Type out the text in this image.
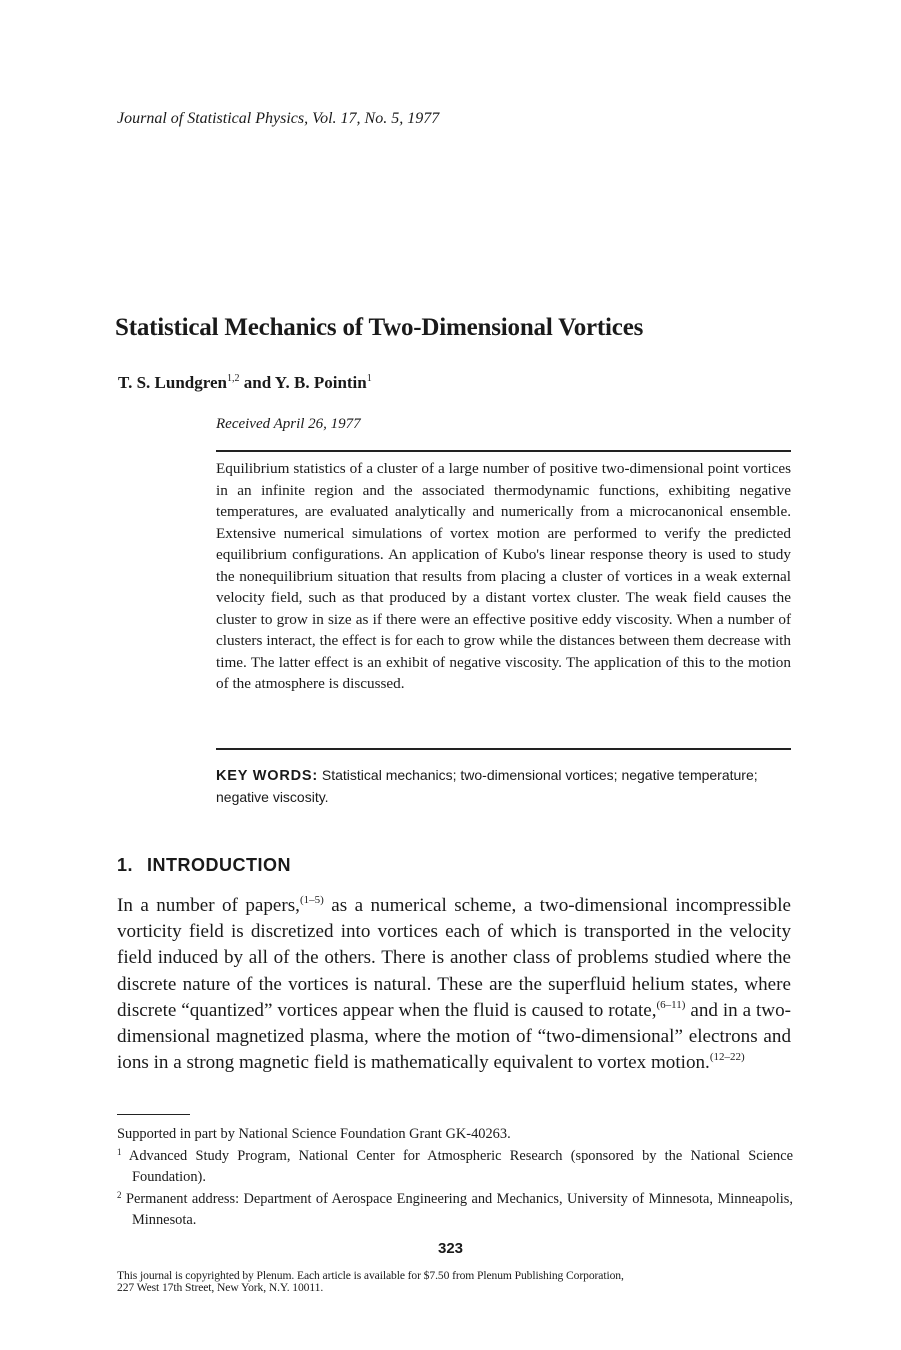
Journal of Statistical Physics, Vol. 17, No. 5, 1977
Statistical Mechanics of Two-Dimensional Vortices
T. S. Lundgren$^{1,2}$ and Y. B. Pointin$^1$
Received April 26, 1977
Equilibrium statistics of a cluster of a large number of positive two-dimensional point vortices in an infinite region and the associated thermodynamic functions, exhibiting negative temperatures, are evaluated analytically and numerically from a microcanonical ensemble. Extensive numerical simulations of vortex motion are performed to verify the predicted equilibrium configurations. An application of Kubo's linear response theory is used to study the nonequilibrium situation that results from placing a cluster of vortices in a weak external velocity field, such as that produced by a distant vortex cluster. The weak field causes the cluster to grow in size as if there were an effective positive eddy viscosity. When a number of clusters interact, the effect is for each to grow while the distances between them decrease with time. The latter effect is an exhibit of negative viscosity. The application of this to the motion of the atmosphere is discussed.
KEY WORDS: Statistical mechanics; two-dimensional vortices; negative temperature; negative viscosity.
1. INTRODUCTION
In a number of papers,$^{(1-5)}$ as a numerical scheme, a two-dimensional incompressible vorticity field is discretized into vortices each of which is transported in the velocity field induced by all of the others. There is another class of problems studied where the discrete nature of the vortices is natural. These are the superfluid helium states, where discrete “quantized” vortices appear when the fluid is caused to rotate,$^{(6-11)}$ and in a two-dimensional magnetized plasma, where the motion of “two-dimensional” electrons and ions in a strong magnetic field is mathematically equivalent to vortex motion.$^{(12-22)}$
Supported in part by National Science Foundation Grant GK-40263.
$^1$ Advanced Study Program, National Center for Atmospheric Research (sponsored by the National Science Foundation).
$^2$ Permanent address: Department of Aerospace Engineering and Mechanics, University of Minnesota, Minneapolis, Minnesota.
323
This journal is copyrighted by Plenum. Each article is available for $7.50 from Plenum Publishing Corporation,
227 West 17th Street, New York, N.Y. 10011.
